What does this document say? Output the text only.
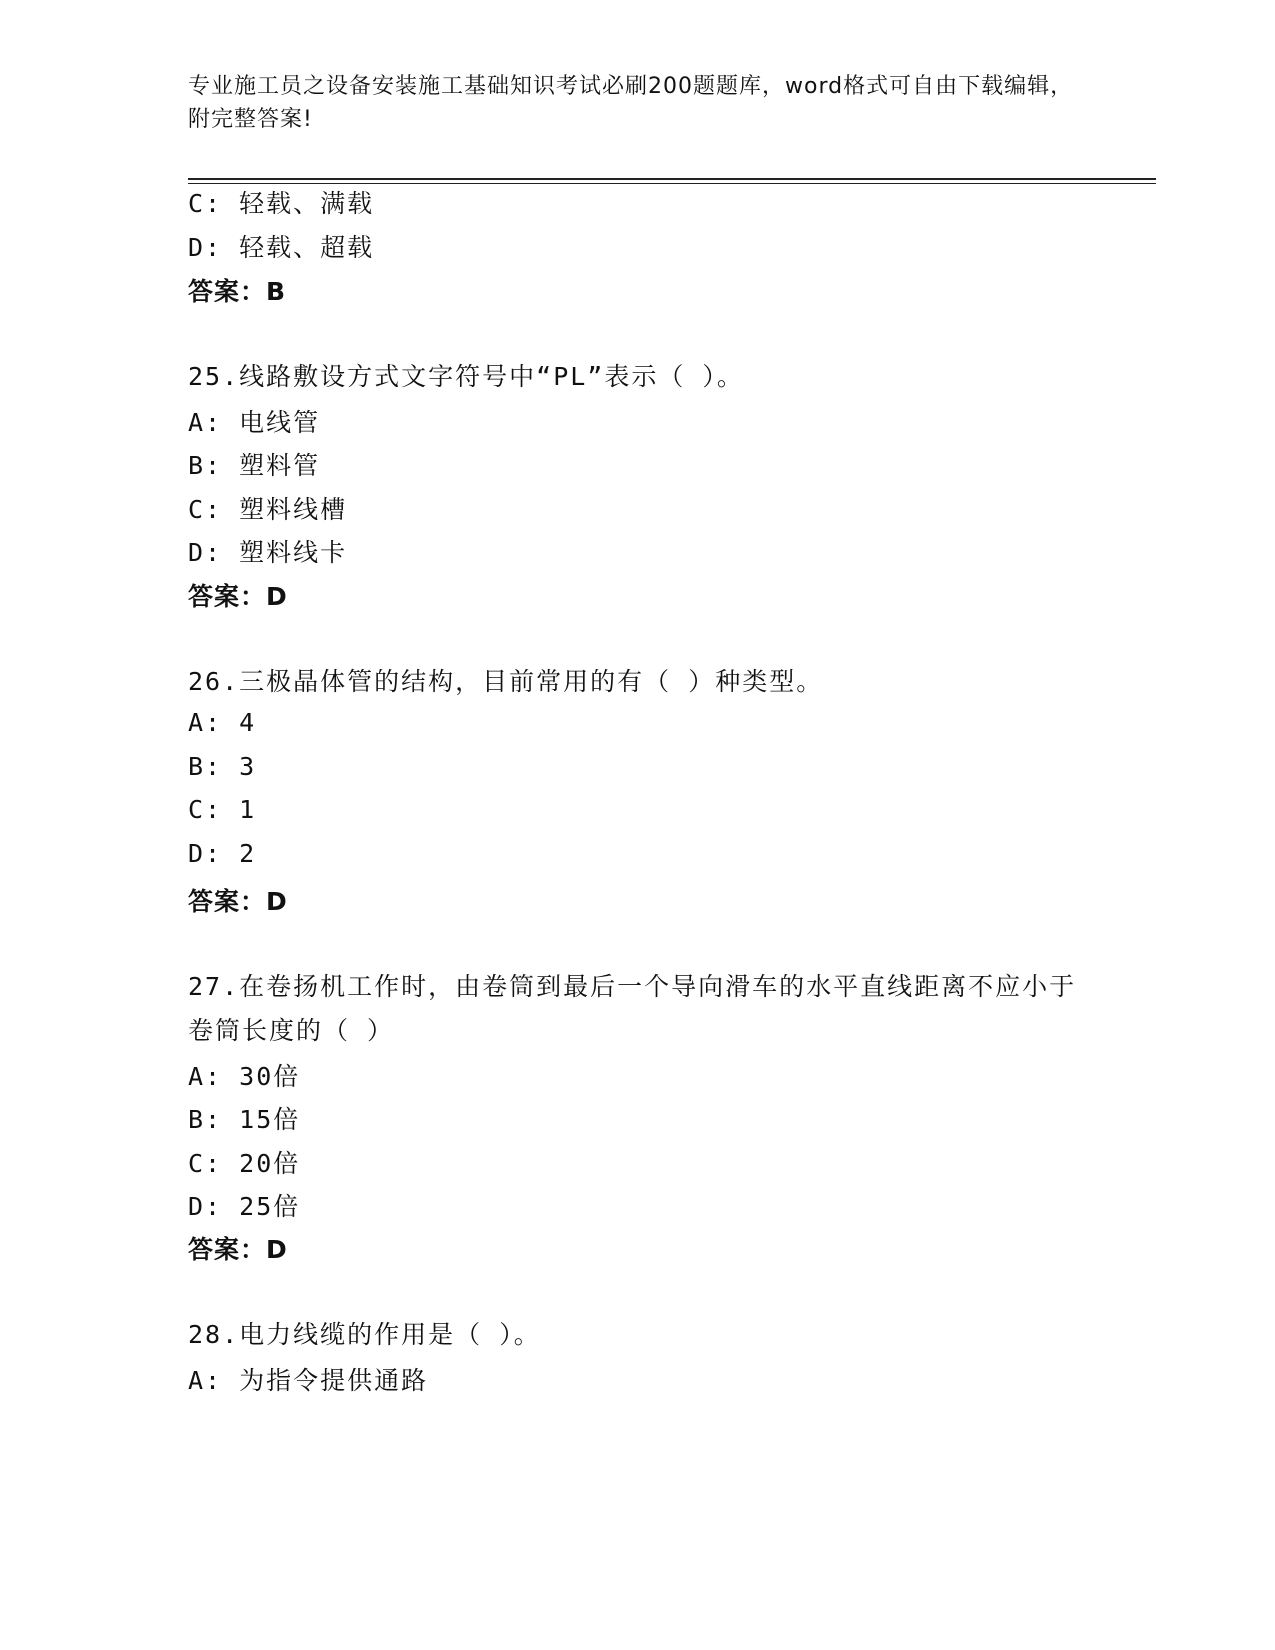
专业施工员之设备安装施工基础知识考试必刷200题题库，word格式可自由下载编辑，附完整答案!
C: 轻载、满载
D: 轻载、超载
答案：B
25.线路敷设方式文字符号中“PL”表示（ ）。
A: 电线管
B: 塑料管
C: 塑料线槽
D: 塑料线卡
答案：D
26.三极晶体管的结构，目前常用的有（ ）种类型。
A: 4
B: 3
C: 1
D: 2
答案：D
27.在卷扬机工作时，由卷筒到最后一个导向滑车的水平直线距离不应小于卷筒长度的（ ）
A: 30倍
B: 15倍
C: 20倍
D: 25倍
答案：D
28.电力线缆的作用是（ ）。
A: 为指令提供通路
